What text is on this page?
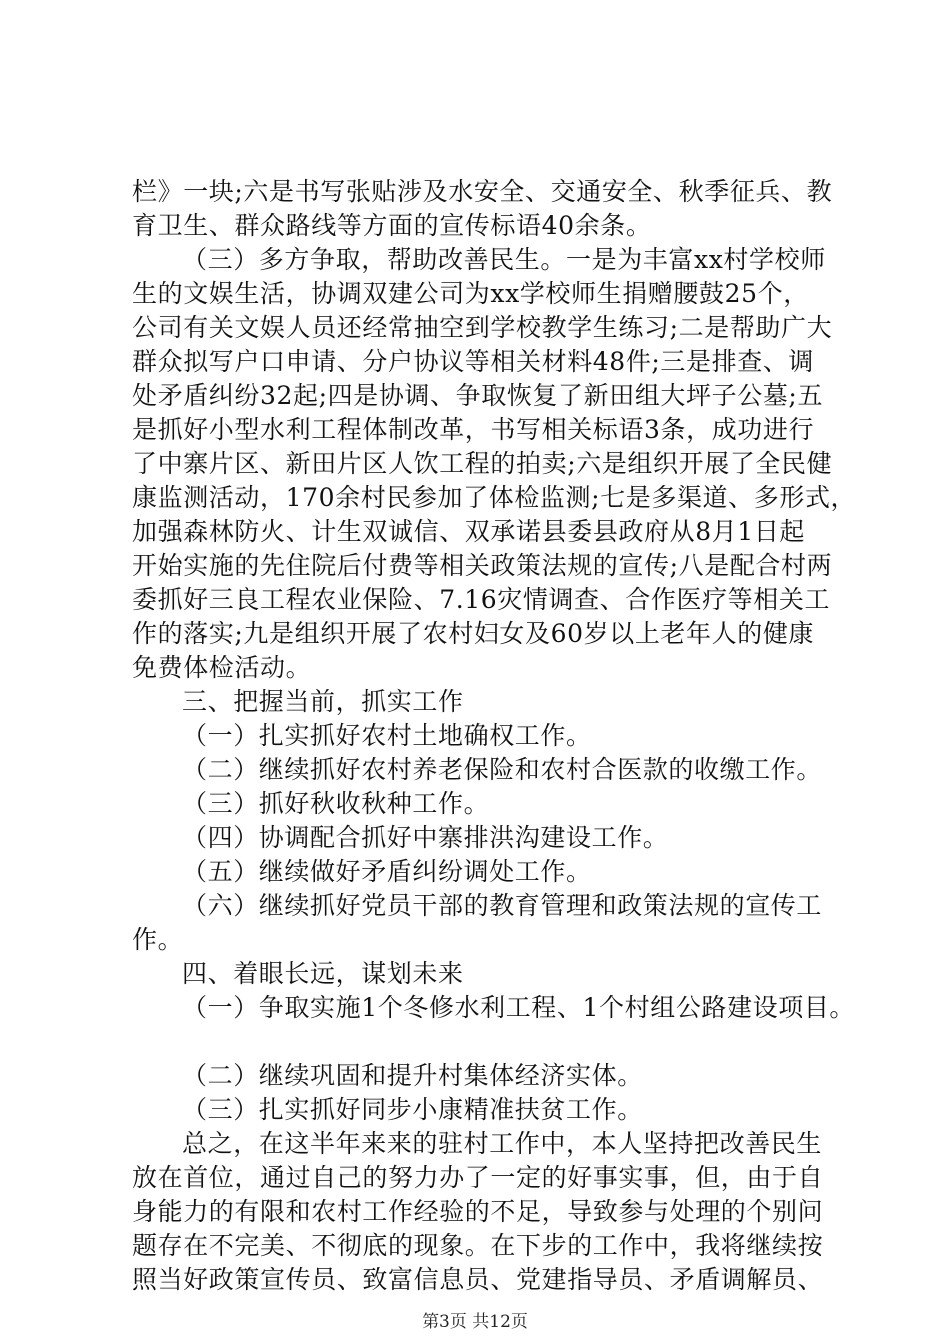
栏》一块;六是书写张贴涉及水安全、交通安全、秋季征兵、教
育卫生、群众路线等方面的宣传标语40余条。
（三）多方争取，帮助改善民生。一是为丰富xx村学校师
生的文娱生活，协调双建公司为xx学校师生捐赠腰鼓25个，
公司有关文娱人员还经常抽空到学校教学生练习;二是帮助广大
群众拟写户口申请、分户协议等相关材料48件;三是排查、调
处矛盾纠纷32起;四是协调、争取恢复了新田组大坪子公墓;五
是抓好小型水利工程体制改革，书写相关标语3条，成功进行
了中寨片区、新田片区人饮工程的拍卖;六是组织开展了全民健
康监测活动，170余村民参加了体检监测;七是多渠道、多形式，
加强森林防火、计生双诚信、双承诺县委县政府从8月1日起
开始实施的先住院后付费等相关政策法规的宣传;八是配合村两
委抓好三良工程农业保险、7.16灾情调查、合作医疗等相关工
作的落实;九是组织开展了农村妇女及60岁以上老年人的健康
免费体检活动。
三、把握当前，抓实工作
（一）扎实抓好农村土地确权工作。
（二）继续抓好农村养老保险和农村合医款的收缴工作。
（三）抓好秋收秋种工作。
（四）协调配合抓好中寨排洪沟建设工作。
（五）继续做好矛盾纠纷调处工作。
（六）继续抓好党员干部的教育管理和政策法规的宣传工
作。
四、着眼长远，谋划未来
（一）争取实施1个冬修水利工程、1个村组公路建设项目。
（二）继续巩固和提升村集体经济实体。
（三）扎实抓好同步小康精准扶贫工作。
总之，在这半年来来的驻村工作中，本人坚持把改善民生
放在首位，通过自己的努力办了一定的好事实事，但，由于自
身能力的有限和农村工作经验的不足，导致参与处理的个别问
题存在不完美、不彻底的现象。在下步的工作中，我将继续按
照当好政策宣传员、致富信息员、党建指导员、矛盾调解员、
第3页 共12页
